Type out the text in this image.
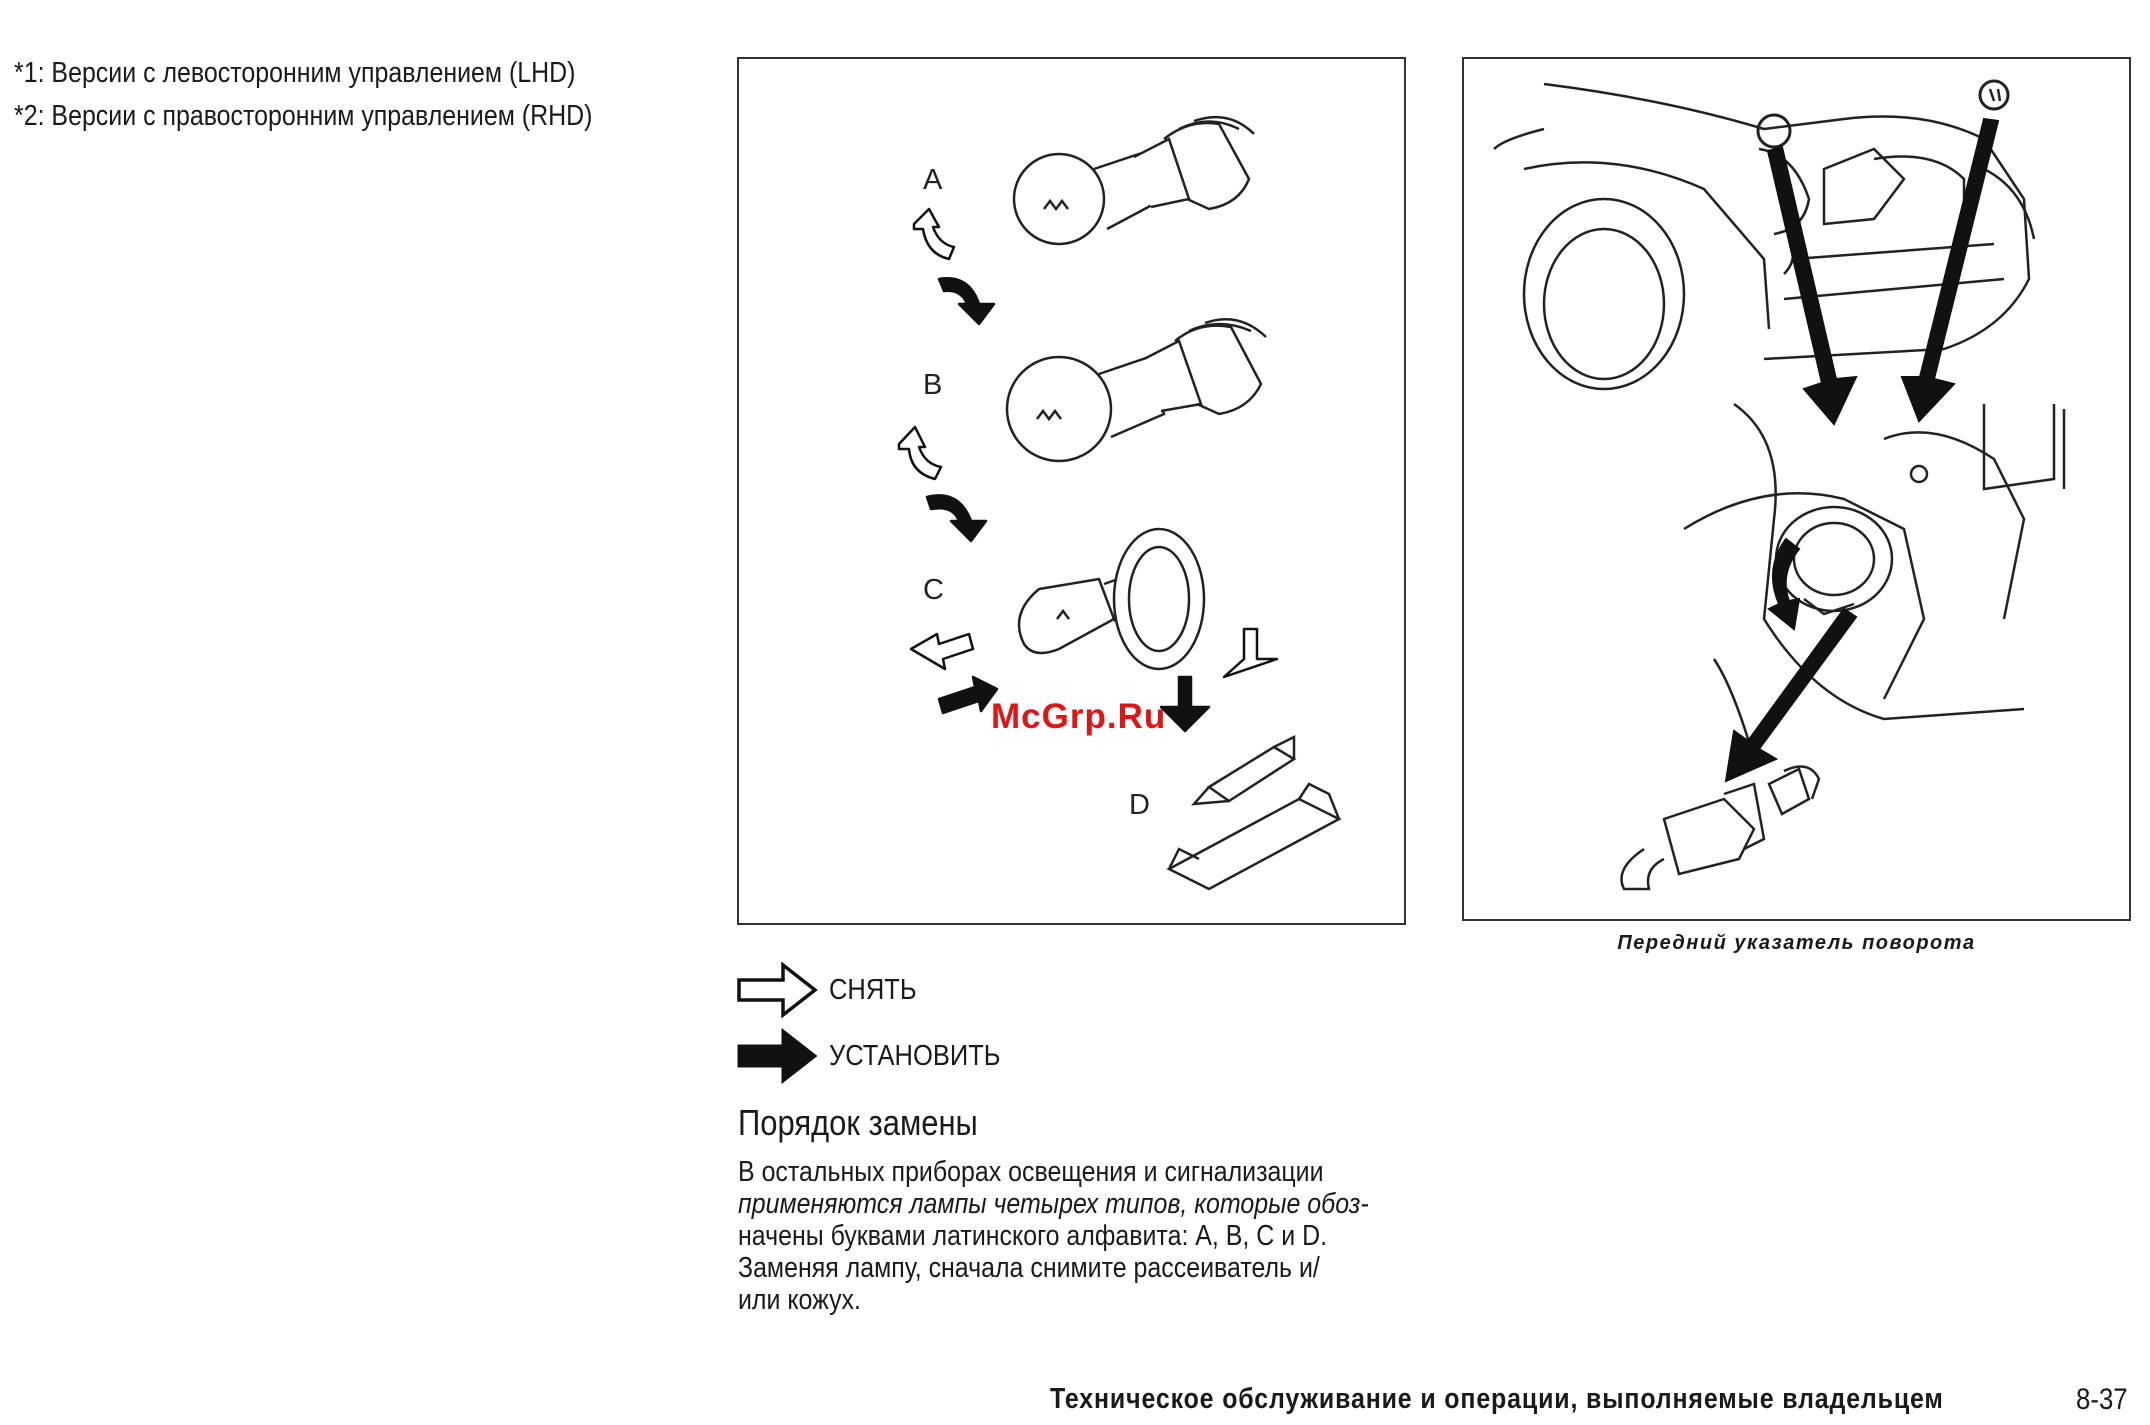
*1: Версии с левосторонним управлением (LHD)
*2: Версии с правосторонним управлением (RHD)
A
B
C
D
McGrp.Ru
Передний указатель поворота
СНЯТЬ
УСТАНОВИТЬ
Порядок замены
В остальных приборах освещения и сигнализации
применяются лампы четырех типов, которые обоз-
начены буквами латинского алфавита: A, B, C и D.
Заменяя лампу, сначала снимите рассеиватель и/
или кожух.
Техническое обслуживание и операции, выполняемые владельцем	8-37
